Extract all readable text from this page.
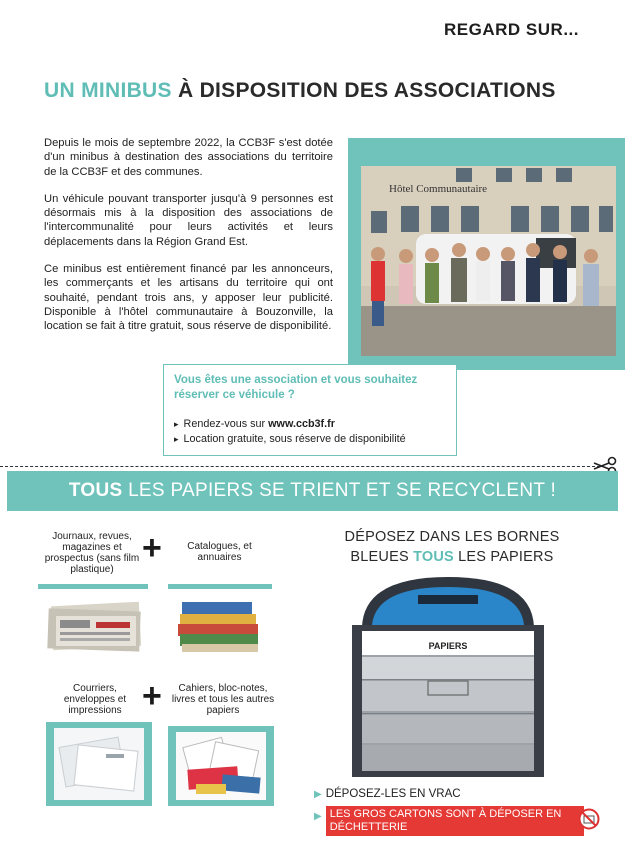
REGARD SUR...
UN MINIBUS À DISPOSITION DES ASSOCIATIONS

Depuis le mois de septembre 2022, la CCB3F s'est dotée d'un minibus à destination des associations du territoire de la CCB3F et des communes.

Un véhicule pouvant transporter jusqu'à 9 personnes est désormais mis à la disposition des associations de l'intercommunalité pour leurs activités et leurs déplacements dans la Région Grand Est.

Ce minibus est entièrement financé par les annonceurs, les commerçants et les artisans du territoire qui ont souhaité, pendant trois ans, y apposer leur publicité. Disponible à l'hôtel communautaire à Bouzonville, la location se fait à titre gratuit, sous réserve de disponibilité.

Hôtel Communautaire
Vous êtes une association et vous souhaitez réserver ce véhicule ?
▸ Rendez-vous sur www.ccb3f.fr
▸ Location gratuite, sous réserve de disponibilité
TOUS LES PAPIERS SE TRIENT ET SE RECYCLENT !
Journaux, revues, magazines et prospectus (sans film plastique)
+	Catalogues, et annuaires
Courriers, enveloppes et impressions +	Cahiers, bloc-notes, livres et tous les autres papiers
DÉPOSEZ DANS LES BORNES
BLEUES TOUS LES PAPIERS
PAPIERS
▶ DÉPOSEZ-LES EN VRAC
▶ LES GROS CARTONS SONT À DÉPOSER EN DÉCHETTERIE
